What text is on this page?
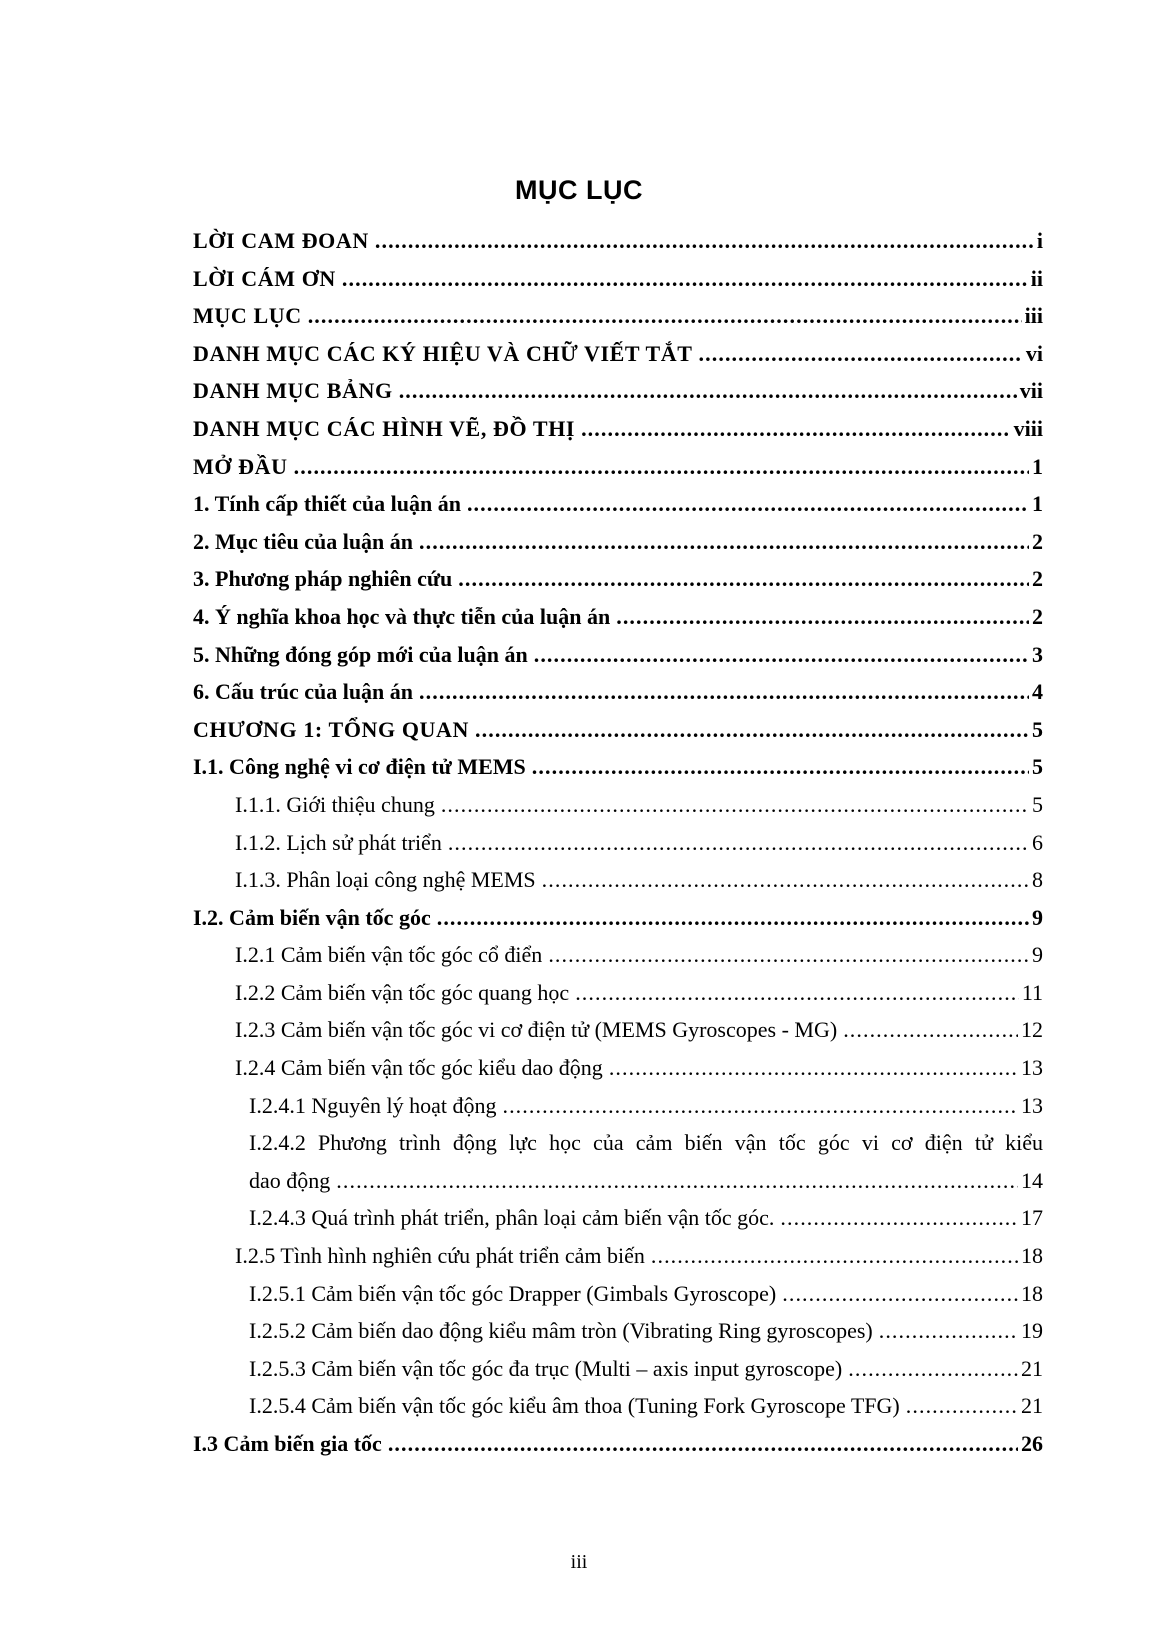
MỤC LỤC
LỜI CAM ĐOAN .....	i
LỜI CÁM ƠN .....	ii
MỤC LỤC .....	iii
DANH MỤC CÁC KÝ HIỆU VÀ CHỮ VIẾT TẮT .....	vi
DANH MỤC BẢNG .....	vii
DANH MỤC CÁC HÌNH VẼ, ĐỒ THỊ .....	viii
MỞ ĐẦU .....	1
1. Tính cấp thiết của luận án .....	1
2. Mục tiêu của luận án .....	2
3. Phương pháp nghiên cứu .....	2
4. Ý nghĩa khoa học và thực tiễn của luận án .....	2
5. Những đóng góp mới của luận án .....	3
6. Cấu trúc của luận án .....	4
CHƯƠNG 1: TỔNG QUAN .....	5
I.1. Công nghệ vi cơ điện tử MEMS .....	5
I.1.1. Giới thiệu chung .....	5
I.1.2. Lịch sử phát triển .....	6
I.1.3. Phân loại công nghệ MEMS .....	8
I.2. Cảm biến vận tốc góc .....	9
I.2.1 Cảm biến vận tốc góc cổ điển .....	9
I.2.2 Cảm biến vận tốc góc quang học .....	11
I.2.3 Cảm biến vận tốc góc vi cơ điện tử (MEMS Gyroscopes - MG) .....	12
I.2.4 Cảm biến vận tốc góc kiểu dao động .....	13
I.2.4.1 Nguyên lý hoạt động .....	13
I.2.4.2 Phương trình động lực học của cảm biến vận tốc góc vi cơ điện tử kiểu
dao động .....	14
I.2.4.3 Quá trình phát triển, phân loại cảm biến vận tốc góc. .....	17
I.2.5 Tình hình nghiên cứu phát triển cảm biến .....	18
I.2.5.1 Cảm biến vận tốc góc Drapper (Gimbals Gyroscope) .....	18
I.2.5.2 Cảm biến dao động kiểu mâm tròn (Vibrating Ring gyroscopes) .....	19
I.2.5.3 Cảm biến vận tốc góc đa trục (Multi – axis input gyroscope) .....	21
I.2.5.4 Cảm biến vận tốc góc kiểu âm thoa (Tuning Fork Gyroscope TFG) .....	21
I.3 Cảm biến gia tốc .....	26
iii
